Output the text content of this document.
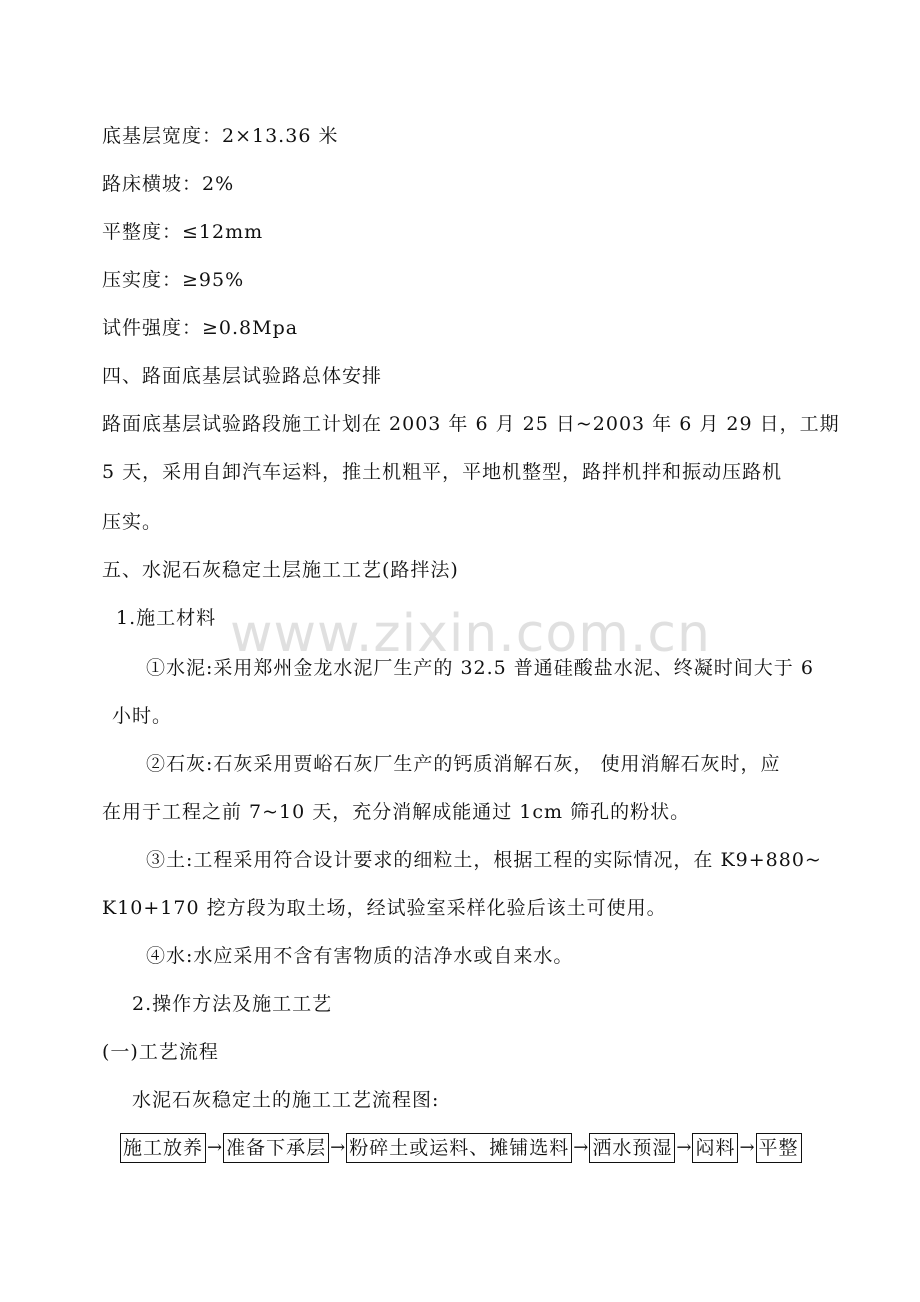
底基层宽度：2×13.36 米
路床横坡：2%
平整度：≤12mm
压实度：≥95%
试件强度：≥0.8Mpa
四、路面底基层试验路总体安排
路面底基层试验路段施工计划在 2003 年 6 月 25 日~2003 年 6 月 29 日，工期
5 天，采用自卸汽车运料，推土机粗平，平地机整型，路拌机拌和振动压路机
压实。
五、水泥石灰稳定土层施工工艺(路拌法)
1.施工材料
①水泥:采用郑州金龙水泥厂生产的 32.5 普通硅酸盐水泥、终凝时间大于 6
小时。
②石灰:石灰采用贾峪石灰厂生产的钙质消解石灰， 使用消解石灰时，应
在用于工程之前 7~10 天，充分消解成能通过 1cm 筛孔的粉状。
③土:工程采用符合设计要求的细粒土，根据工程的实际情况，在 K9+880~
K10+170 挖方段为取土场，经试验室采样化验后该土可使用。
④水:水应采用不含有害物质的洁净水或自来水。
2.操作方法及施工工艺
(一)工艺流程
水泥石灰稳定土的施工工艺流程图:
施工放养 → 准备下承层 → 粉碎土或运料、摊铺选料 → 洒水预湿 → 闷料 → 平整
www.zixin.com.cn
